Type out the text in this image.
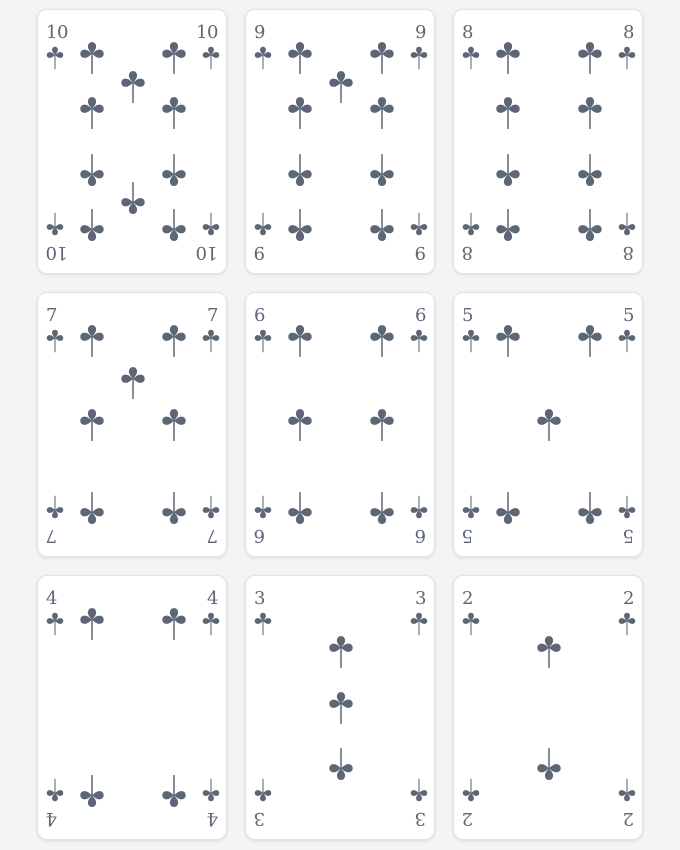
10	10
10	10
9	9
9	9
8	8
8	8
7	7
7	7
6	6
6	6
5	5
5	5
4	4
4	4
3	3
3	3
2	2
2	2
